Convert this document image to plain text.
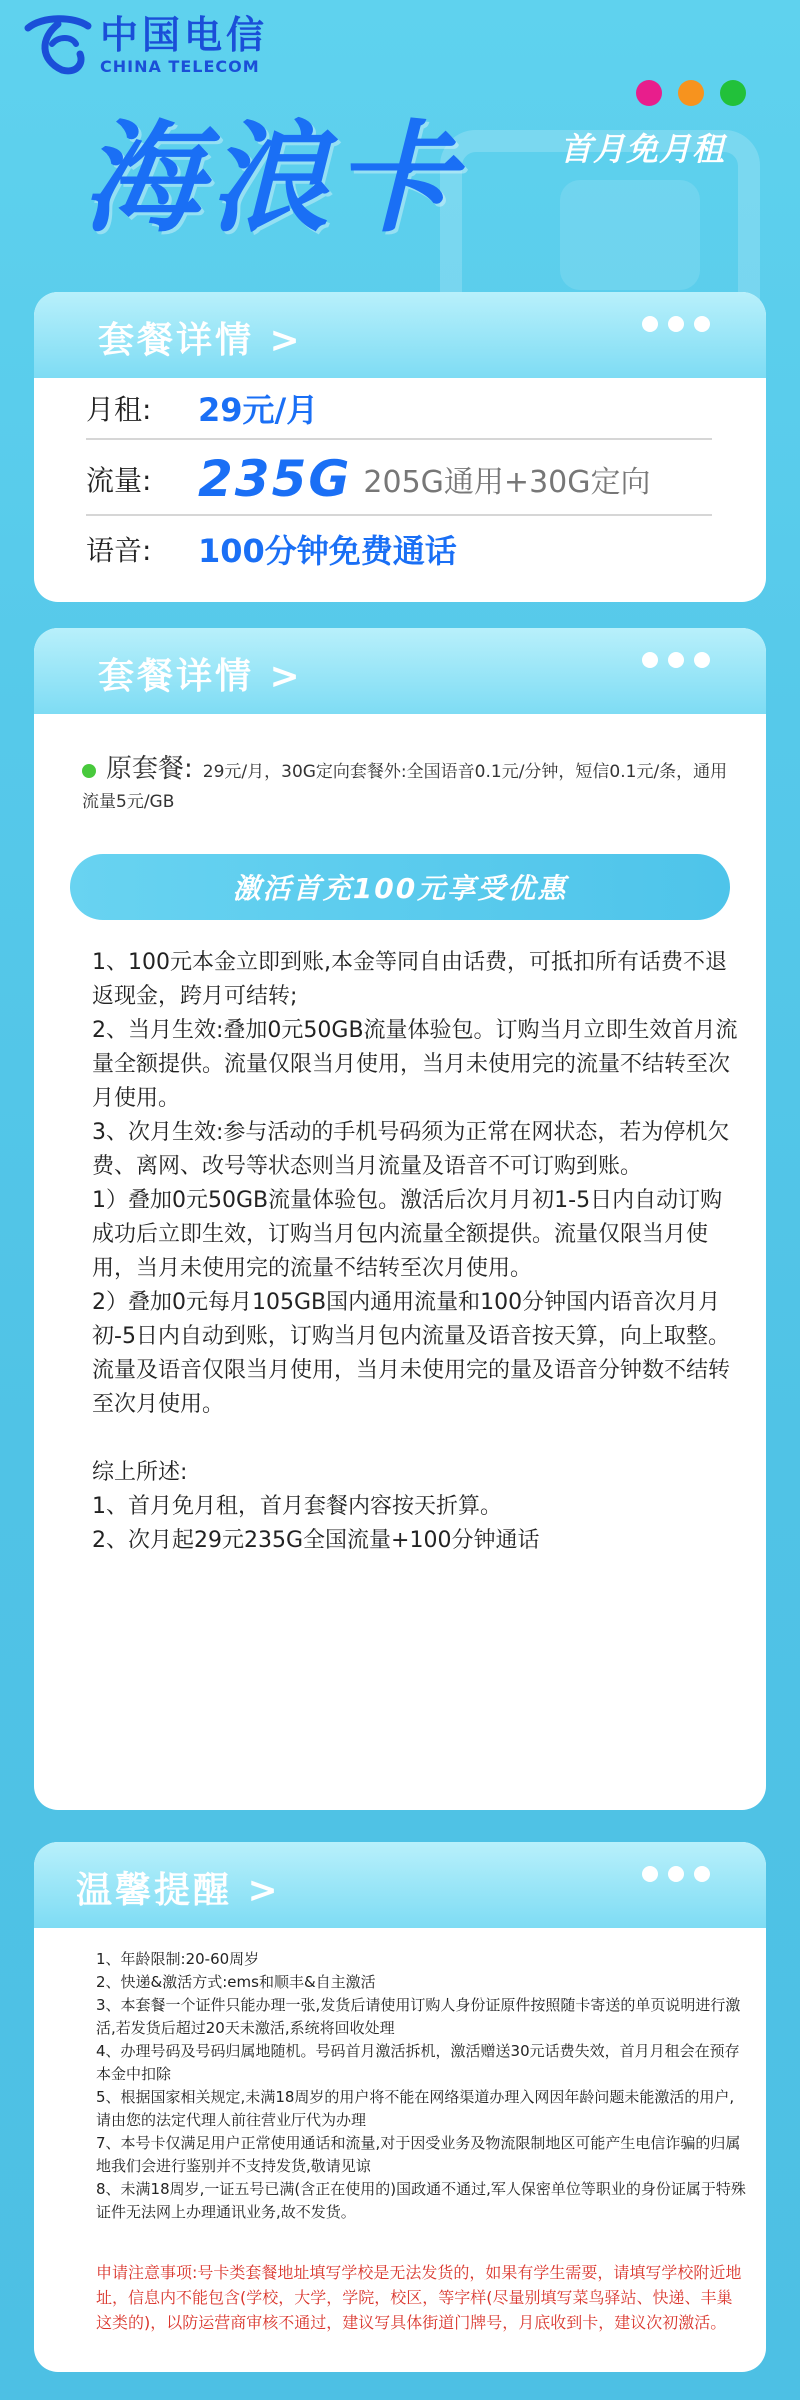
中国电信
CHINA TELECOM
首月免月租
海浪卡
套餐详情 >
月租:	29元/月
流量: 235G 205G通用+30G定向
语音:	100分钟免费通话
套餐详情 >
原套餐: 29元/月，30G定向套餐外:全国语音0.1元/分钟，短信0.1元/条，通用流量5元/GB
激活首充100元享受优惠

1、100元本金立即到账,本金等同自由话费，可抵扣所有话费不退返现金，跨月可结转;

2、当月生效:叠加0元50GB流量体验包。订购当月立即生效首月流量全额提供。流量仅限当月使用，当月未使用完的流量不结转至次月使用。

3、次月生效:参与活动的手机号码须为正常在网状态，若为停机欠费、离网、改号等状态则当月流量及语音不可订购到账。

1）叠加0元50GB流量体验包。激活后次月月初1-5日内自动订购成功后立即生效，订购当月包内流量全额提供。流量仅限当月使用，当月未使用完的流量不结转至次月使用。

2）叠加0元每月105GB国内通用流量和100分钟国内语音次月月初-5日内自动到账，订购当月包内流量及语音按天算，向上取整。流量及语音仅限当月使用，当月未使用完的量及语音分钟数不结转至次月使用。

综上所述:

1、首月免月租，首月套餐内容按天折算。

2、次月起29元235G全国流量+100分钟通话

温馨提醒 >

1、年龄限制:20-60周岁

2、快递&激活方式:ems和顺丰&自主激活

3、本套餐一个证件只能办理一张,发货后请使用订购人身份证原件按照随卡寄送的单页说明进行激活,若发货后超过20天未激活,系统将回收处理

4、办理号码及号码归属地随机。号码首月激活拆机，激活赠送30元话费失效，首月月租会在预存本金中扣除

5、根据国家相关规定,未满18周岁的用户将不能在网络渠道办理入网因年龄问题未能激活的用户,请由您的法定代理人前往营业厅代为办理

7、本号卡仅满足用户正常使用通话和流量,对于因受业务及物流限制地区可能产生电信诈骗的归属地我们会进行鉴别并不支持发货,敬请见谅

8、未满18周岁,一证五号已满(含正在使用的)国政通不通过,军人保密单位等职业的身份证属于特殊证件无法网上办理通讯业务,故不发货。

申请注意事项:号卡类套餐地址填写学校是无法发货的，如果有学生需要，请填写学校附近地址，信息内不能包含(学校，大学，学院，校区，等字样(尽量别填写菜鸟驿站、快递、丰巢这类的)，以防运营商审核不通过，建议写具体街道门牌号，月底收到卡，建议次初激活。
